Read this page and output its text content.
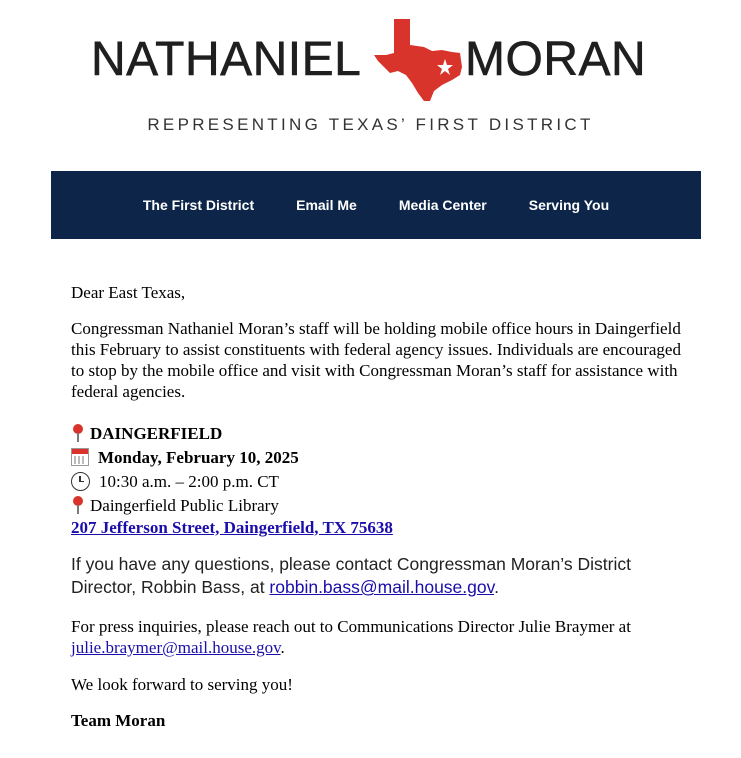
NATHANIEL MORAN
REPRESENTING TEXAS’ FIRST DISTRICT
The First District	Email Me	Media Center	Serving You

Dear East Texas,

Congressman Nathaniel Moran’s staff will be holding mobile office hours in Daingerfield this February to assist constituents with federal agency issues. Individuals are encouraged to stop by the mobile office and visit with Congressman Moran’s staff for assistance with federal agencies.

DAINGERFIELD
Monday, February 10, 2025
10:30 a.m. – 2:00 p.m. CT
Daingerfield Public Library
207 Jefferson Street, Daingerfield, TX 75638

If you have any questions, please contact Congressman Moran’s District Director, Robbin Bass, at robbin.bass@mail.house.gov.

For press inquiries, please reach out to Communications Director Julie Braymer at julie.braymer@mail.house.gov.

We look forward to serving you!

Team Moran
